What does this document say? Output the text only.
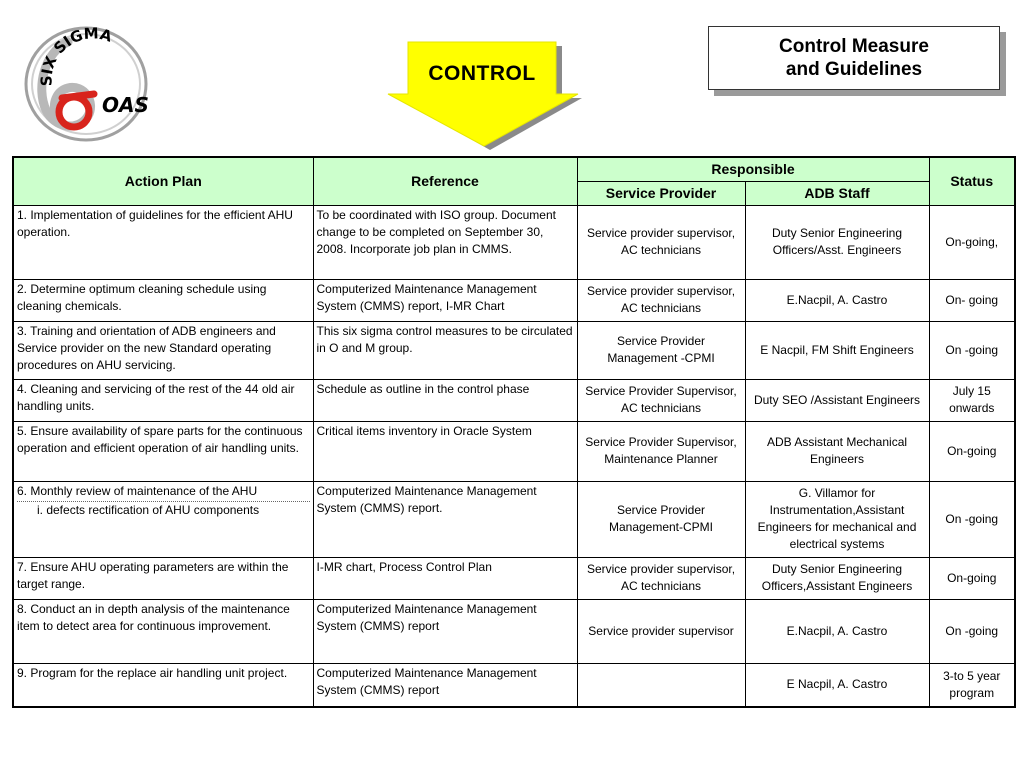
SIX SIGMA
OAS
CONTROL
Control Measure
and Guidelines
Action Plan	Reference	Responsible		Status
		Service Provider	ADB Staff	
1. Implementation of guidelines for the efficient AHU operation.	To be coordinated with ISO group. Document change to be completed on September 30, 2008. Incorporate job plan in CMMS.	Service provider supervisor, AC technicians	Duty Senior Engineering Officers/Asst. Engineers	On-going,
2. Determine optimum cleaning schedule using cleaning chemicals.	Computerized Maintenance Management System (CMMS) report, I-MR Chart	Service provider supervisor, AC technicians	E.Nacpil, A. Castro	On- going
3. Training and orientation of ADB engineers and Service provider on the new Standard operating procedures on AHU servicing.	This six sigma control measures to be circulated in O and M group.	Service Provider Management -CPMI	E Nacpil, FM Shift Engineers	On -going
4. Cleaning and servicing of the rest of the 44 old air handling units.	Schedule as outline in the control phase	Service Provider Supervisor, AC technicians	Duty SEO /Assistant Engineers	July 15 onwards
5. Ensure availability of spare parts for the continuous operation and efficient operation of air handling units.	Critical items inventory in Oracle System	Service Provider Supervisor, Maintenance Planner	ADB Assistant Mechanical Engineers	On-going
6. Monthly review of maintenance of the AHU
i. defects rectification of AHU components	Computerized Maintenance Management System (CMMS) report.	Service Provider Management-CPMI	G. Villamor for Instrumentation,Assistant Engineers for mechanical and electrical systems	On -going
7. Ensure AHU operating parameters are within the target range.	I-MR chart, Process Control Plan	Service provider supervisor, AC technicians	Duty Senior Engineering Officers,Assistant Engineers	On-going
8. Conduct an in depth analysis of the maintenance item to detect area for continuous improvement.	Computerized Maintenance Management System (CMMS) report	Service provider supervisor	E.Nacpil, A. Castro	On -going
9. Program for the replace air handling unit project.	Computerized Maintenance Management System (CMMS) report		E Nacpil, A. Castro	3-to 5 year program
